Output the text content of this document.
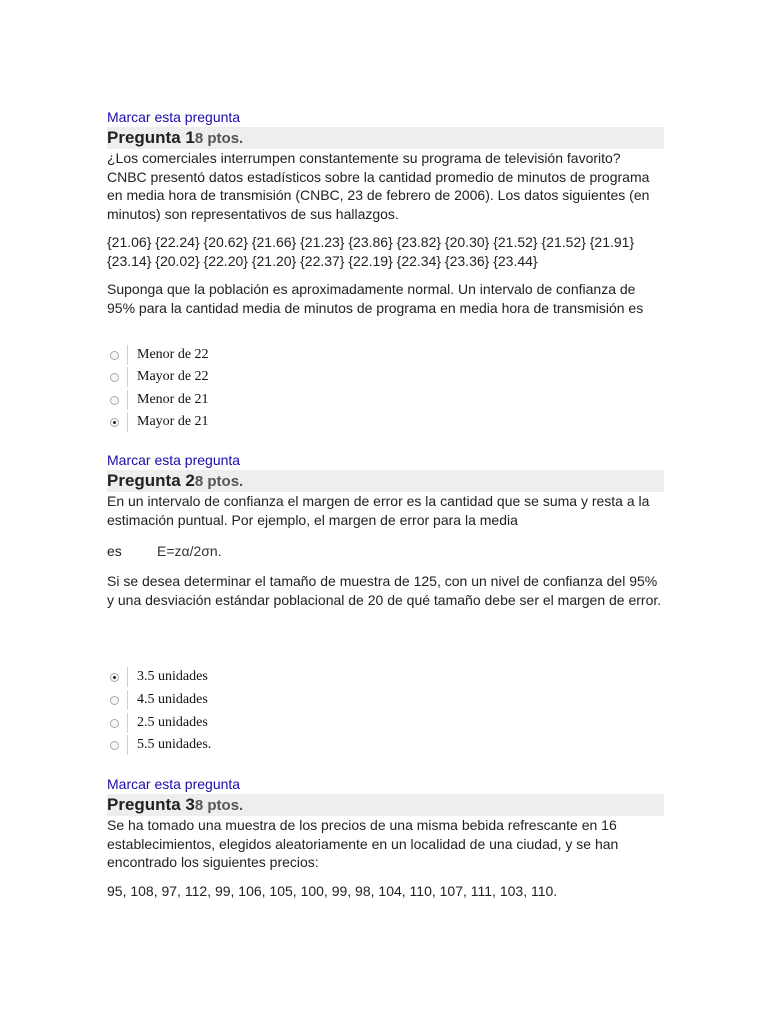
Marcar esta pregunta
Pregunta 18 ptos.

¿Los comerciales interrumpen constantemente su programa de televisión favorito? CNBC presentó datos estadísticos sobre la cantidad promedio de minutos de programa en media hora de transmisión (CNBC, 23 de febrero de 2006). Los datos siguientes (en minutos) son representativos de sus hallazgos.

{21.06} {22.24} {20.62} {21.66} {21.23} {23.86} {23.82} {20.30} {21.52} {21.52} {21.91} {23.14} {20.02} {22.20} {21.20} {22.37} {22.19} {22.34} {23.36} {23.44}

Suponga que la población es aproximadamente normal. Un intervalo de confianza de 95% para la cantidad media de minutos de programa en media hora de transmisión es

Menor de 22
Mayor de 22
Menor de 21
Mayor de 21
Marcar esta pregunta
Pregunta 28 ptos.

En un intervalo de confianza el margen de error es la cantidad que se suma y resta a la estimación puntual. Por ejemplo, el margen de error para la media

es	E=zα/2σn.

Si se desea determinar el tamaño de muestra de 125, con un nivel de confianza del 95% y una desviación estándar poblacional de 20 de qué tamaño debe ser el margen de error.

3.5 unidades
4.5 unidades
2.5 unidades
5.5 unidades.
Marcar esta pregunta
Pregunta 38 ptos.

Se ha tomado una muestra de los precios de una misma bebida refrescante en 16 establecimientos, elegidos aleatoriamente en un localidad de una ciudad, y se han encontrado los siguientes precios:

95, 108, 97, 112, 99, 106, 105, 100, 99, 98, 104, 110, 107, 111, 103, 110.
